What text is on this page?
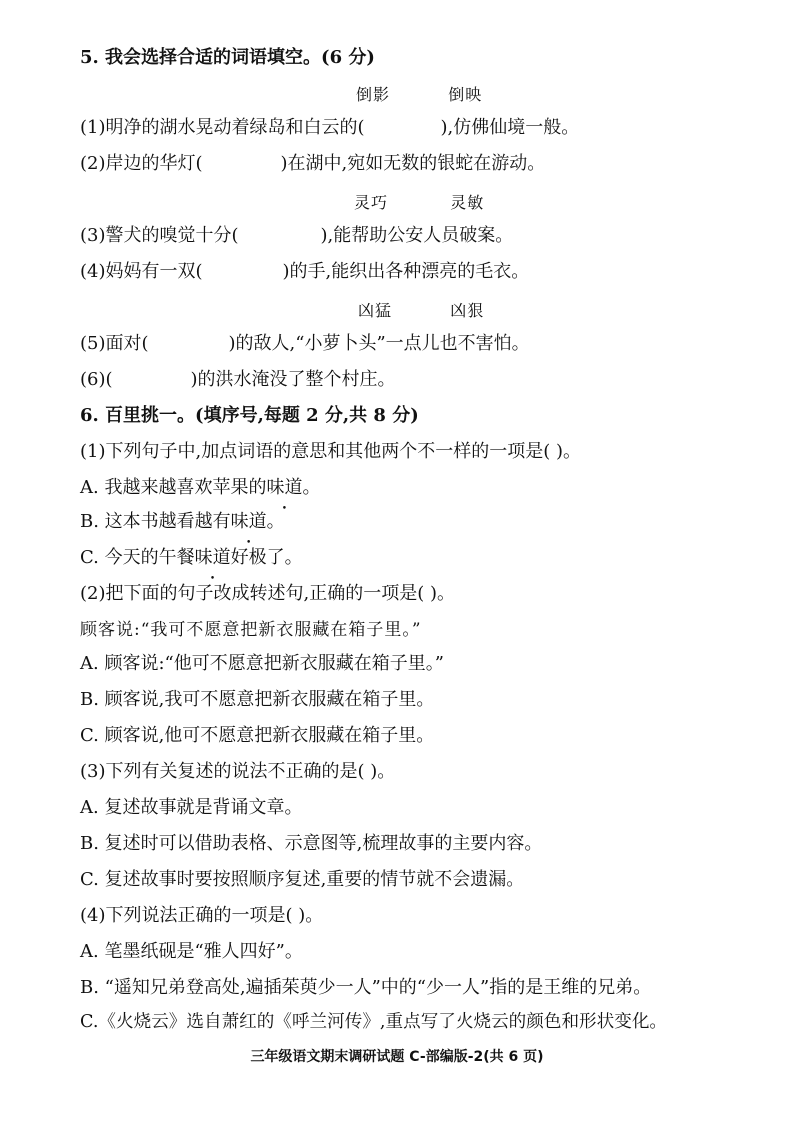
5. 我会选择合适的词语填空。(6 分)
倒影	倒映
(1)明净的湖水晃动着绿岛和白云的(	),仿佛仙境一般。
(2)岸边的华灯(	)在湖中,宛如无数的银蛇在游动。
灵巧	灵敏
(3)警犬的嗅觉十分(	),能帮助公安人员破案。
(4)妈妈有一双(	)的手,能织出各种漂亮的毛衣。
凶猛	凶狠
(5)面对(	)的敌人,“小萝卜头”一点儿也不害怕。
(6)(	)的洪水淹没了整个村庄。
6. 百里挑一。(填序号,每题 2 分,共 8 分)
(1)下列句子中,加点词语的意思和其他两个不一样的一项是( )。
A. 我越来越喜欢苹果的味道。
B. 这本书越看越有味道。
C. 今天的午餐味道好极了。
(2)把下面的句子改成转述句,正确的一项是( )。
顾客说:“我可不愿意把新衣服藏在箱子里。”
A. 顾客说:“他可不愿意把新衣服藏在箱子里。”
B. 顾客说,我可不愿意把新衣服藏在箱子里。
C. 顾客说,他可不愿意把新衣服藏在箱子里。
(3)下列有关复述的说法不正确的是( )。
A. 复述故事就是背诵文章。
B. 复述时可以借助表格、示意图等,梳理故事的主要内容。
C. 复述故事时要按照顺序复述,重要的情节就不会遗漏。
(4)下列说法正确的一项是( )。
A. 笔墨纸砚是“雅人四好”。
B. “遥知兄弟登高处,遍插茱萸少一人”中的“少一人”指的是王维的兄弟。
C.《火烧云》选自萧红的《呼兰河传》,重点写了火烧云的颜色和形状变化。
三年级语文期末调研试题 C-部编版-2(共 6 页)
